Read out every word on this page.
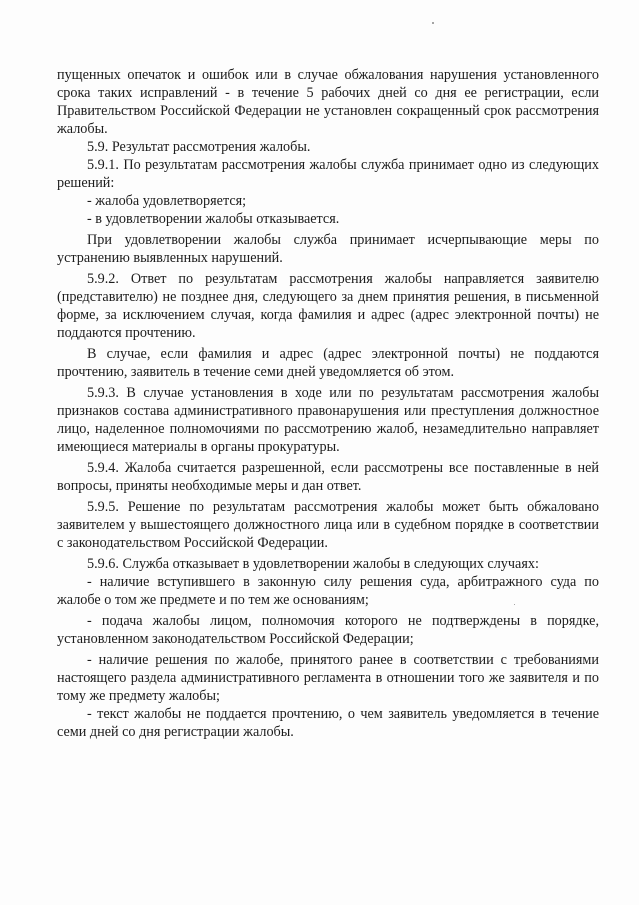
пущенных опечаток и ошибок или в случае обжалования нарушения установленного срока таких исправлений - в течение 5 рабочих дней со дня ее регистрации, если Правительством Российской Федерации не установлен сокращенный срок рассмотрения жалобы.

5.9. Результат рассмотрения жалобы.

5.9.1. По результатам рассмотрения жалобы служба принимает одно из следующих решений:

- жалоба удовлетворяется;

- в удовлетворении жалобы отказывается.

При удовлетворении жалобы служба принимает исчерпывающие меры по устранению выявленных нарушений.

5.9.2. Ответ по результатам рассмотрения жалобы направляется заявителю (представителю) не позднее дня, следующего за днем принятия решения, в письменной форме, за исключением случая, когда фамилия и адрес (адрес электронной почты) не поддаются прочтению.

В случае, если фамилия и адрес (адрес электронной почты) не поддаются прочтению, заявитель в течение семи дней уведомляется об этом.

5.9.3. В случае установления в ходе или по результатам рассмотрения жалобы признаков состава административного правонарушения или преступления должностное лицо, наделенное полномочиями по рассмотрению жалоб, незамедлительно направляет имеющиеся материалы в органы прокуратуры.

5.9.4. Жалоба считается разрешенной, если рассмотрены все поставленные в ней вопросы, приняты необходимые меры и дан ответ.

5.9.5. Решение по результатам рассмотрения жалобы может быть обжаловано заявителем у вышестоящего должностного лица или в судебном порядке в соответствии с законодательством Российской Федерации.

5.9.6. Служба отказывает в удовлетворении жалобы в следующих случаях:

- наличие вступившего в законную силу решения суда, арбитражного суда по жалобе о том же предмете и по тем же основаниям;

- подача жалобы лицом, полномочия которого не подтверждены в порядке, установленном законодательством Российской Федерации;

- наличие решения по жалобе, принятого ранее в соответствии с требованиями настоящего раздела административного регламента в отношении того же заявителя и по тому же предмету жалобы;

- текст жалобы не поддается прочтению, о чем заявитель уведомляется в течение семи дней со дня регистрации жалобы.
